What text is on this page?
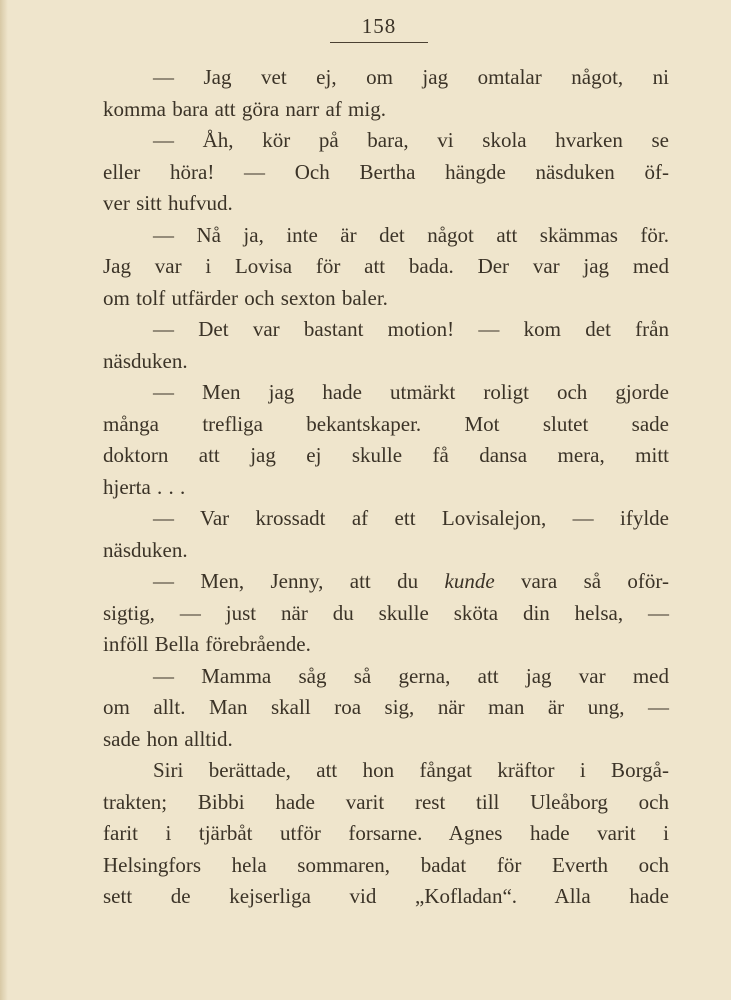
158
— Jag vet ej, om jag omtalar något, ni
komma bara att göra narr af mig.
— Åh, kör på bara, vi skola hvarken se
eller höra! — Och Bertha hängde näsduken öf-
ver sitt hufvud.
— Nå ja, inte är det något att skämmas för.
Jag var i Lovisa för att bada. Der var jag med
om tolf utfärder och sexton baler.
— Det var bastant motion! — kom det från
näsduken.
— Men jag hade utmärkt roligt och gjorde
många trefliga bekantskaper. Mot slutet sade
doktorn att jag ej skulle få dansa mera, mitt
hjerta . . .
— Var krossadt af ett Lovisalejon, — ifylde
näsduken.
— Men, Jenny, att du kunde vara så oför-
sigtig, — just när du skulle sköta din helsa, —
inföll Bella förebrående.
— Mamma såg så gerna, att jag var med
om allt. Man skall roa sig, när man är ung, —
sade hon alltid.
Siri berättade, att hon fångat kräftor i Borgå-
trakten; Bibbi hade varit rest till Uleåborg och
farit i tjärbåt utför forsarne. Agnes hade varit i
Helsingfors hela sommaren, badat för Everth och
sett de kejserliga vid „Kofladan“. Alla hade
